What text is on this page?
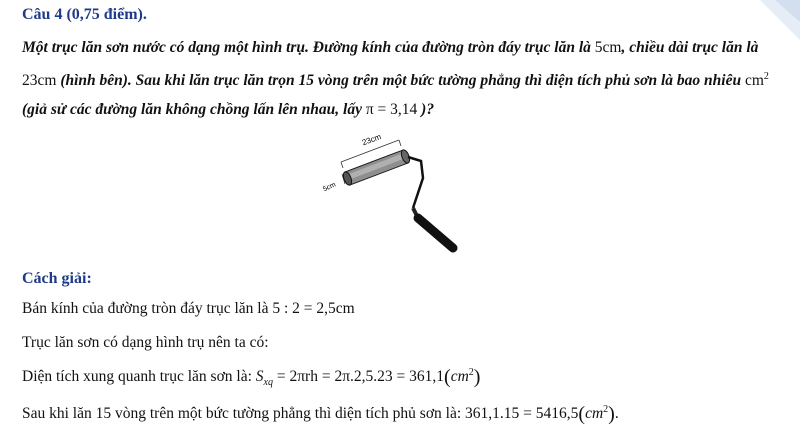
Câu 4 (0,75 điểm).
Một trục lăn sơn nước có dạng một hình trụ. Đường kính của đường tròn đáy trục lăn là 5cm, chiều dài trục lăn là 23cm (hình bên). Sau khi lăn trục lăn trọn 15 vòng trên một bức tường phẳng thì diện tích phủ sơn là bao nhiêu $cm^2$ (giả sử các đường lăn không chồng lấn lên nhau, lấy π = 3,14 )?
23cm
5cm
Cách giải:
Bán kính của đường tròn đáy trục lăn là 5 : 2 = 2,5cm
Trục lăn sơn có dạng hình trụ nên ta có:
Diện tích xung quanh trục lăn sơn là: $S_{xq} = 2\pi rh = 2\pi.2,5.23 = 361,1(cm^2)$
Sau khi lăn 15 vòng trên một bức tường phẳng thì diện tích phủ sơn là: $361,1.15 = 5416,5(cm^2)$.
